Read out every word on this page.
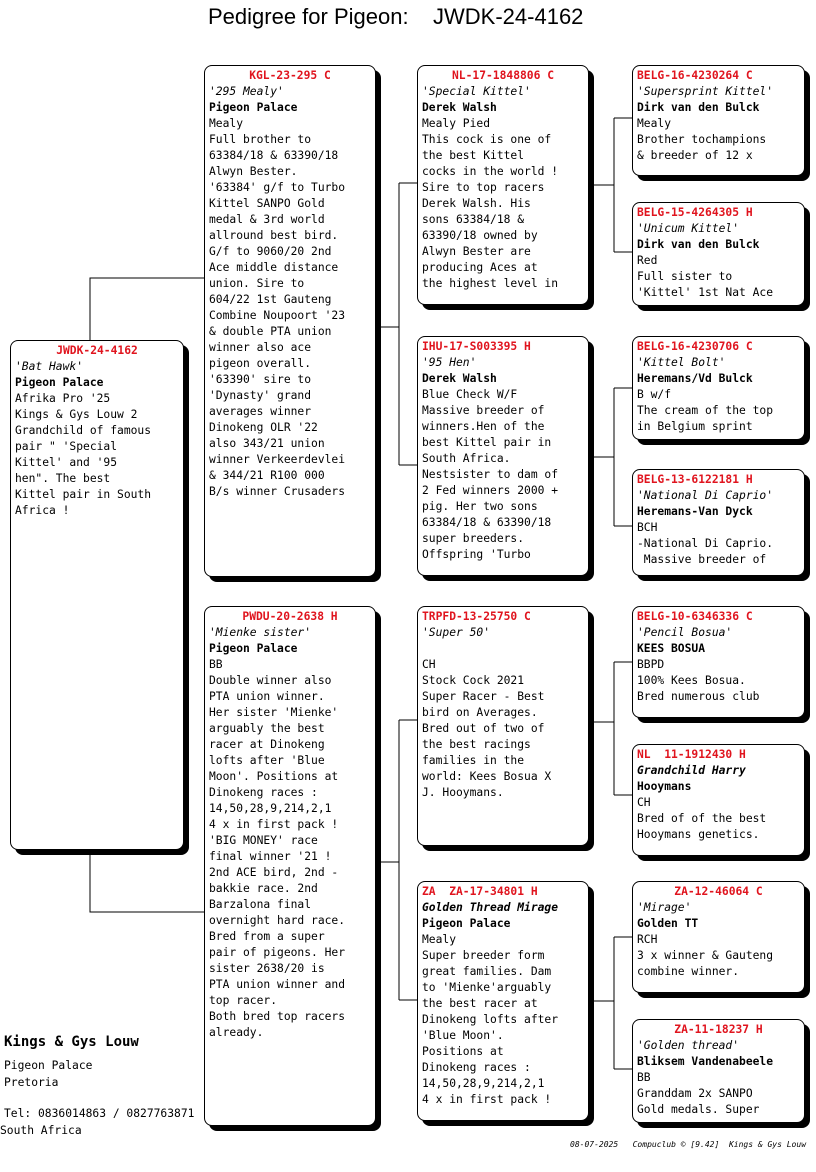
Pedigree for Pigeon:    JWDK-24-4162
JWDK-24-4162
'Bat Hawk'
Pigeon Palace
Afrika Pro '25
Kings & Gys Louw 2
Grandchild of famous
pair " 'Special
Kittel' and '95
hen". The best
Kittel pair in South
Africa !
KGL-23-295 C
'295 Mealy'
Pigeon Palace
Mealy
Full brother to
63384/18 & 63390/18
Alwyn Bester.
'63384' g/f to Turbo
Kittel SANPO Gold
medal & 3rd world
allround best bird.
G/f to 9060/20 2nd
Ace middle distance
union. Sire to
604/22 1st Gauteng
Combine Noupoort '23
& double PTA union
winner also ace
pigeon overall.
'63390' sire to
'Dynasty' grand
averages winner
Dinokeng OLR '22
also 343/21 union
winner Verkeerdevlei
& 344/21 R100 000
B/s winner Crusaders
PWDU-20-2638 H
'Mienke sister'
Pigeon Palace
BB
Double winner also
PTA union winner.
Her sister 'Mienke'
arguably the best
racer at Dinokeng
lofts after 'Blue
Moon'. Positions at
Dinokeng races :
14,50,28,9,214,2,1
4 x in first pack !
'BIG MONEY' race
final winner '21 !
2nd ACE bird, 2nd -
bakkie race. 2nd
Barzalona final
overnight hard race.
Bred from a super
pair of pigeons. Her
sister 2638/20 is
PTA union winner and
top racer.
Both bred top racers
already.
NL-17-1848806 C
'Special Kittel'
Derek Walsh
Mealy Pied
This cock is one of
the best Kittel
cocks in the world !
Sire to top racers
Derek Walsh. His
sons 63384/18 &
63390/18 owned by
Alwyn Bester are
producing Aces at
the highest level in
IHU-17-S003395 H
'95 Hen'
Derek Walsh
Blue Check W/F
Massive breeder of
winners.Hen of the
best Kittel pair in
South Africa.
Nestsister to dam of
2 Fed winners 2000 +
pig. Her two sons
63384/18 & 63390/18
super breeders.
Offspring 'Turbo
TRPFD-13-25750 C
'Super 50'
CH
Stock Cock 2021
Super Racer - Best
bird on Averages.
Bred out of two of
the best racings
families in the
world: Kees Bosua X
J. Hooymans.
ZA  ZA-17-34801 H
Golden Thread Mirage
Pigeon Palace
Mealy
Super breeder form
great families. Dam
to 'Mienke'arguably
the best racer at
Dinokeng lofts after
'Blue Moon'.
Positions at
Dinokeng races :
14,50,28,9,214,2,1
4 x in first pack !
BELG-16-4230264 C
'Supersprint Kittel'
Dirk van den Bulck
Mealy
Brother tochampions
& breeder of 12 x
BELG-15-4264305 H
'Unicum Kittel'
Dirk van den Bulck
Red
Full sister to
'Kittel' 1st Nat Ace
BELG-16-4230706 C
'Kittel Bolt'
Heremans/Vd Bulck
B w/f
The cream of the top
in Belgium sprint
BELG-13-6122181 H
'National Di Caprio'
Heremans-Van Dyck
BCH
-National Di Caprio.
Massive breeder of
BELG-10-6346336 C
'Pencil Bosua'
KEES BOSUA
BBPD
100% Kees Bosua.
Bred numerous club
NL  11-1912430 H
Grandchild Harry
Hooymans
CH
Bred of of the best
Hooymans genetics.
ZA-12-46064 C
'Mirage'
Golden TT
RCH
3 x winner & Gauteng
combine winner.
ZA-11-18237 H
'Golden thread'
Bliksem Vandenabeele
BB
Granddam 2x SANPO
Gold medals. Super
Kings & Gys Louw
Pigeon Palace
Pretoria
Tel: 0836014863 / 0827763871
South Africa
08-07-2025   Compuclub © [9.42]  Kings & Gys Louw
